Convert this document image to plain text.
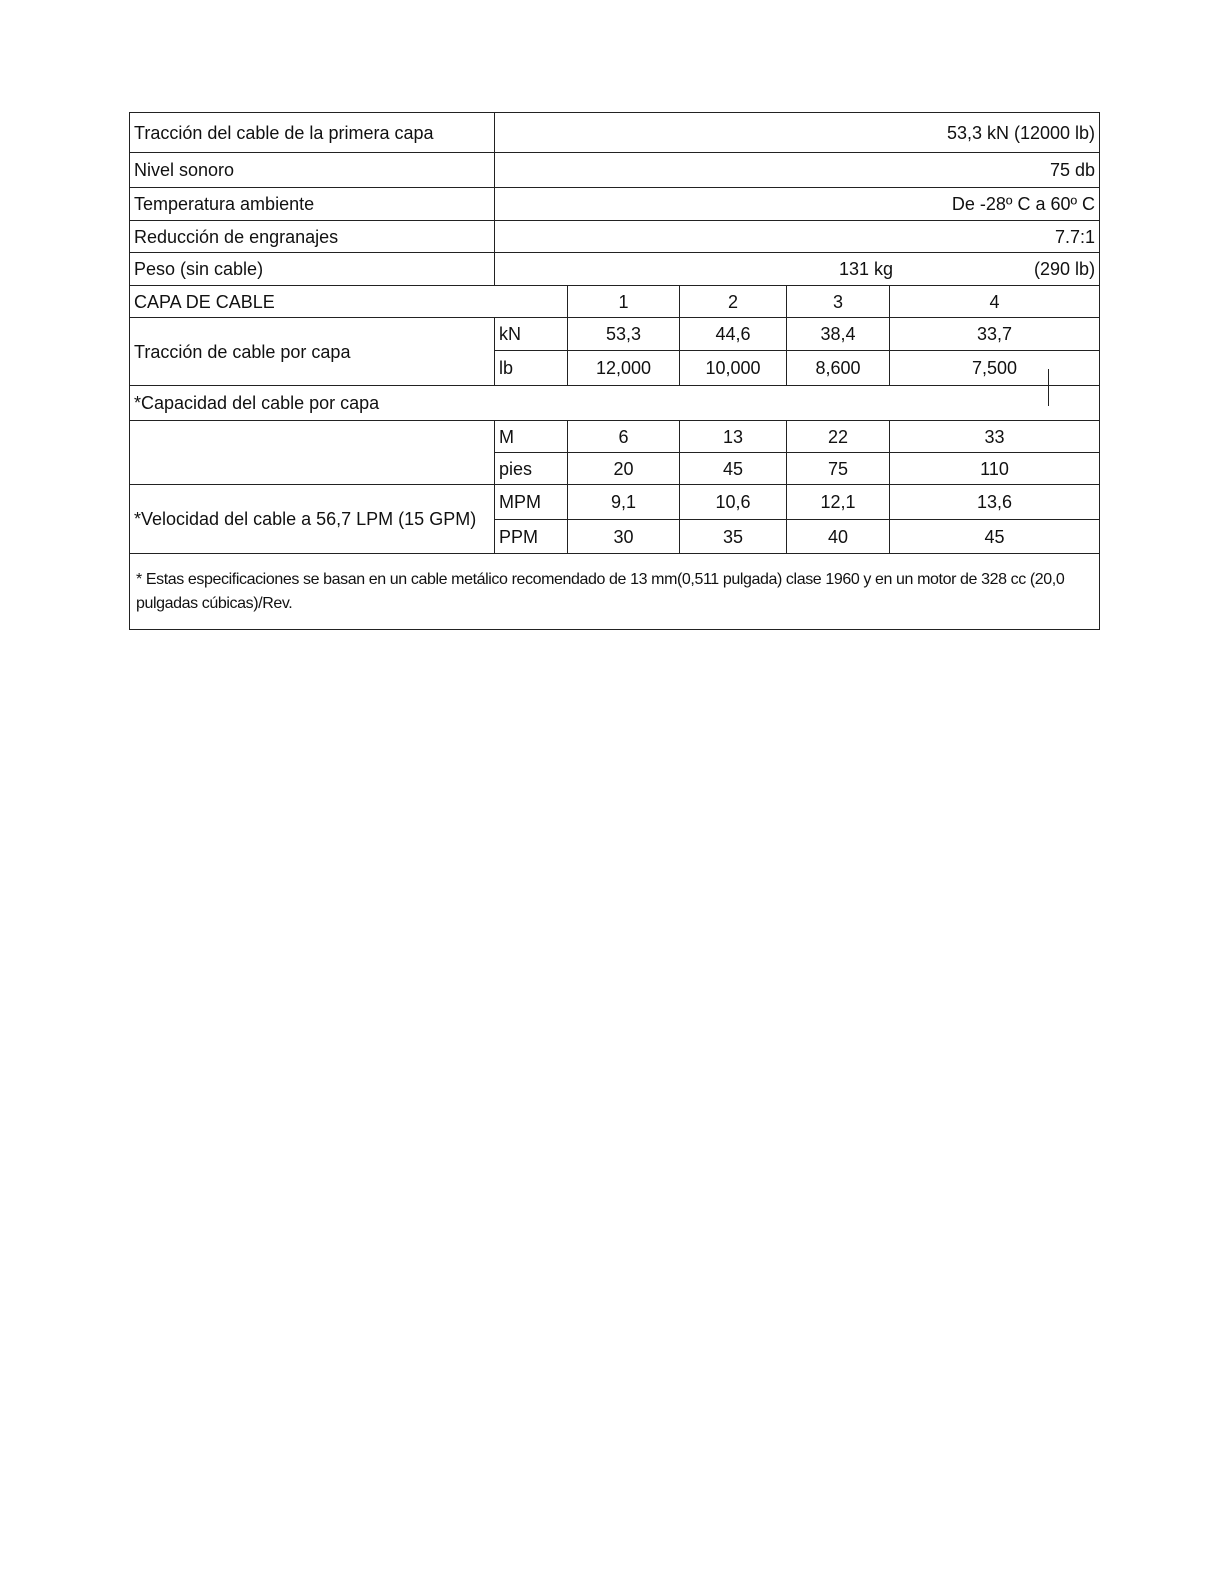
Tracción del cable de la primera capa	53,3 kN (12000 lb)				
Nivel sonoro	75 db				
Temperatura ambiente	De -28º C a 60º C				
Reducción de engranajes	7.7:1				
Peso (sin cable)	131 kg (290 lb)				

CAPA DE CABLE		1	2	3	4
Tracción de cable por capa	kN	53,3	44,6	38,4	33,7
	lb	12,000	10,000	8,600	7,500
*Capacidad del cable por capa					
	M	6	13	22	33
	pies	20	45	75	110
*Velocidad del cable a 56,7 LPM (15 GPM)	MPM	9,1	10,6	12,1	13,6
	PPM	30	35	40	45
* Estas especificaciones se basan en un cable metálico recomendado de 13 mm(0,511 pulgada) clase 1960 y en un motor de 328 cc (20,0 pulgadas cúbicas)/Rev.					
